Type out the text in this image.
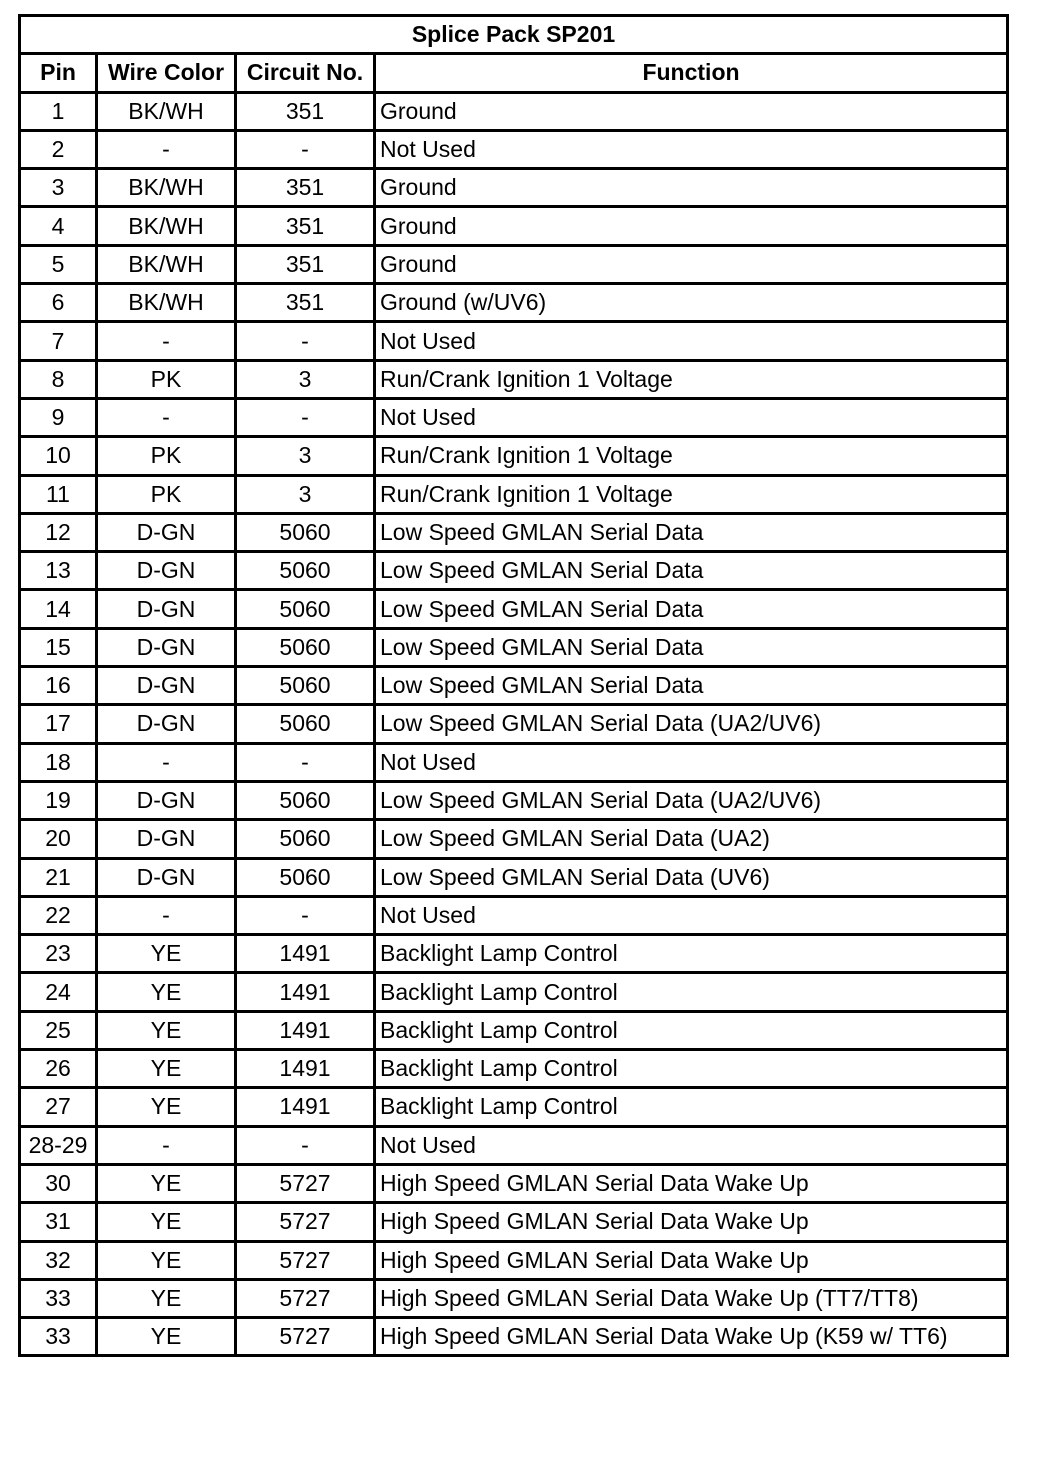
Splice Pack SP201			
Pin	Wire Color	Circuit No.	Function
1	BK/WH	351	Ground
2	-	-	Not Used
3	BK/WH	351	Ground
4	BK/WH	351	Ground
5	BK/WH	351	Ground
6	BK/WH	351	Ground (w/UV6)
7	-	-	Not Used
8	PK	3	Run/Crank Ignition 1 Voltage
9	-	-	Not Used
10	PK	3	Run/Crank Ignition 1 Voltage
11	PK	3	Run/Crank Ignition 1 Voltage
12	D-GN	5060	Low Speed GMLAN Serial Data
13	D-GN	5060	Low Speed GMLAN Serial Data
14	D-GN	5060	Low Speed GMLAN Serial Data
15	D-GN	5060	Low Speed GMLAN Serial Data
16	D-GN	5060	Low Speed GMLAN Serial Data
17	D-GN	5060	Low Speed GMLAN Serial Data (UA2/UV6)
18	-	-	Not Used
19	D-GN	5060	Low Speed GMLAN Serial Data (UA2/UV6)
20	D-GN	5060	Low Speed GMLAN Serial Data (UA2)
21	D-GN	5060	Low Speed GMLAN Serial Data (UV6)
22	-	-	Not Used
23	YE	1491	Backlight Lamp Control
24	YE	1491	Backlight Lamp Control
25	YE	1491	Backlight Lamp Control
26	YE	1491	Backlight Lamp Control
27	YE	1491	Backlight Lamp Control
28-29	-	-	Not Used
30	YE	5727	High Speed GMLAN Serial Data Wake Up
31	YE	5727	High Speed GMLAN Serial Data Wake Up
32	YE	5727	High Speed GMLAN Serial Data Wake Up
33	YE	5727	High Speed GMLAN Serial Data Wake Up (TT7/TT8)
33	YE	5727	High Speed GMLAN Serial Data Wake Up (K59 w/ TT6)
